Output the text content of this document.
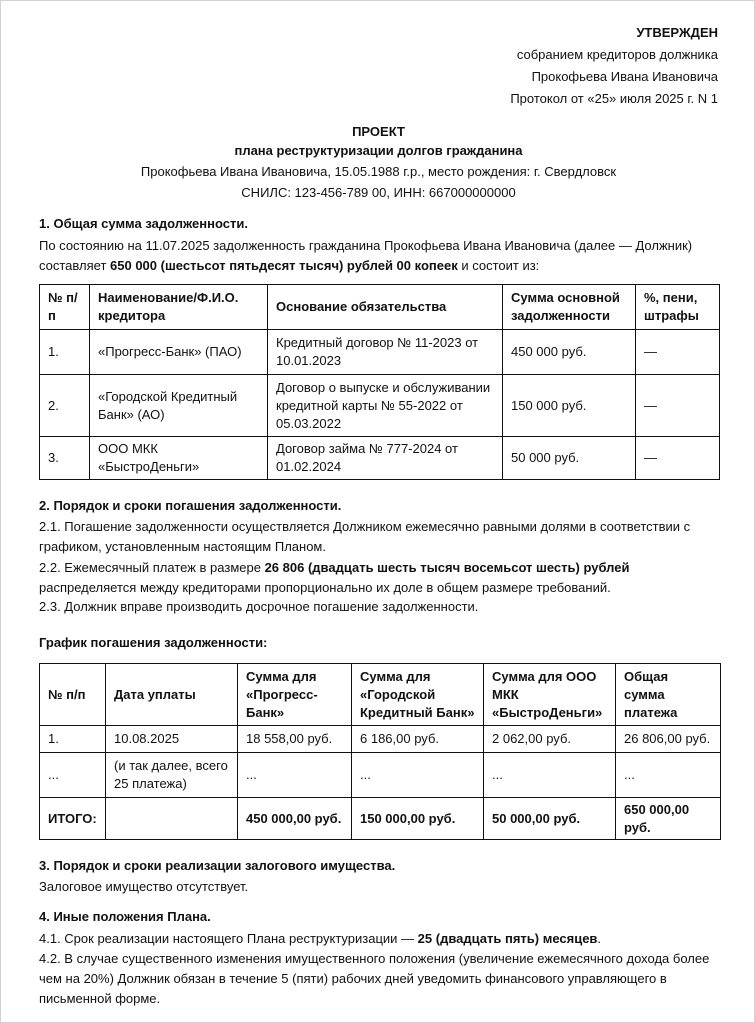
УТВЕРЖДЕН
собранием кредиторов должника
Прокофьева Ивана Ивановича
Протокол от «25» июля 2025 г. N 1
ПРОЕКТ
плана реструктуризации долгов гражданина
Прокофьева Ивана Ивановича, 15.05.1988 г.р., место рождения: г. Свердловск
СНИЛС: 123-456-789 00, ИНН: 667000000000
1. Общая сумма задолженности.
По состоянию на 11.07.2025 задолженность гражданина Прокофьева Ивана Ивановича (далее — Должник) составляет 650 000 (шестьсот пятьдесят тысяч) рублей 00 копеек и состоит из:
№ п/п	Наименование/Ф.И.О. кредитора	Основание обязательства	Сумма основной задолженности	%, пени, штрафы
1.	«Прогресс-Банк» (ПАО)	Кредитный договор № 11-2023 от 10.01.2023	450 000 руб.	—
2.	«Городской Кредитный Банк» (АО)	Договор о выпуске и обслуживании кредитной карты № 55-2022 от 05.03.2022	150 000 руб.	—
3.	ООО МКК «БыстроДеньги»	Договор займа № 777-2024 от 01.02.2024	50 000 руб.	—
2. Порядок и сроки погашения задолженности.
2.1. Погашение задолженности осуществляется Должником ежемесячно равными долями в соответствии с графиком, установленным настоящим Планом.
2.2. Ежемесячный платеж в размере 26 806 (двадцать шесть тысяч восемьсот шесть) рублей распределяется между кредиторами пропорционально их доле в общем размере требований.
2.3. Должник вправе производить досрочное погашение задолженности.
График погашения задолженности:
№ п/п	Дата уплаты	Сумма для «Прогресс-Банк»	Сумма для «Городской Кредитный Банк»	Сумма для ООО МКК «БыстроДеньги»	Общая сумма платежа
1.	10.08.2025	18 558,00 руб.	6 186,00 руб.	2 062,00 руб.	26 806,00 руб.
...	(и так далее, всего 25 платежа)	...	...	...	...
ИТОГО:		450 000,00 руб.	150 000,00 руб.	50 000,00 руб.	650 000,00 руб.
3. Порядок и сроки реализации залогового имущества.
Залоговое имущество отсутствует.
4. Иные положения Плана.
4.1. Срок реализации настоящего Плана реструктуризации — 25 (двадцать пять) месяцев.
4.2. В случае существенного изменения имущественного положения (увеличение ежемесячного дохода более чем на 20%) Должник обязан в течение 5 (пяти) рабочих дней уведомить финансового управляющего в письменной форме.
